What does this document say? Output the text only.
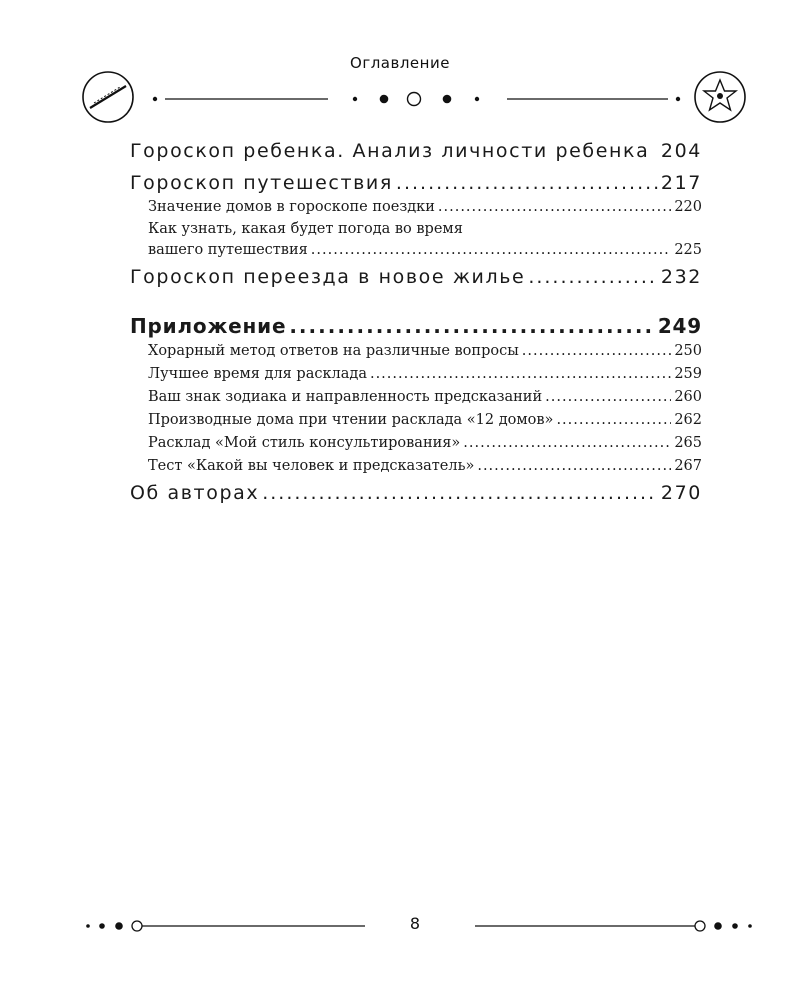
Оглавление
Гороскоп ребенка. Анализ личности ребенка 204
Гороскоп путешествия .....	217
Значение домов в гороскопе поездки .....	220
Как узнать, какая будет погода во время
вашего путешествия .....	225
Гороскоп переезда в новое жилье .....	232
Приложение .....	249
Хорарный метод ответов на различные вопросы .....	250
Лучшее время для расклада .....	259
Ваш знак зодиака и направленность предсказаний .....	260
Производные дома при чтении расклада «12 домов» .....	262
Расклад «Мой стиль консультирования» .....	265
Тест «Какой вы человек и предсказатель» .....	267
Об авторах .....	270
8
